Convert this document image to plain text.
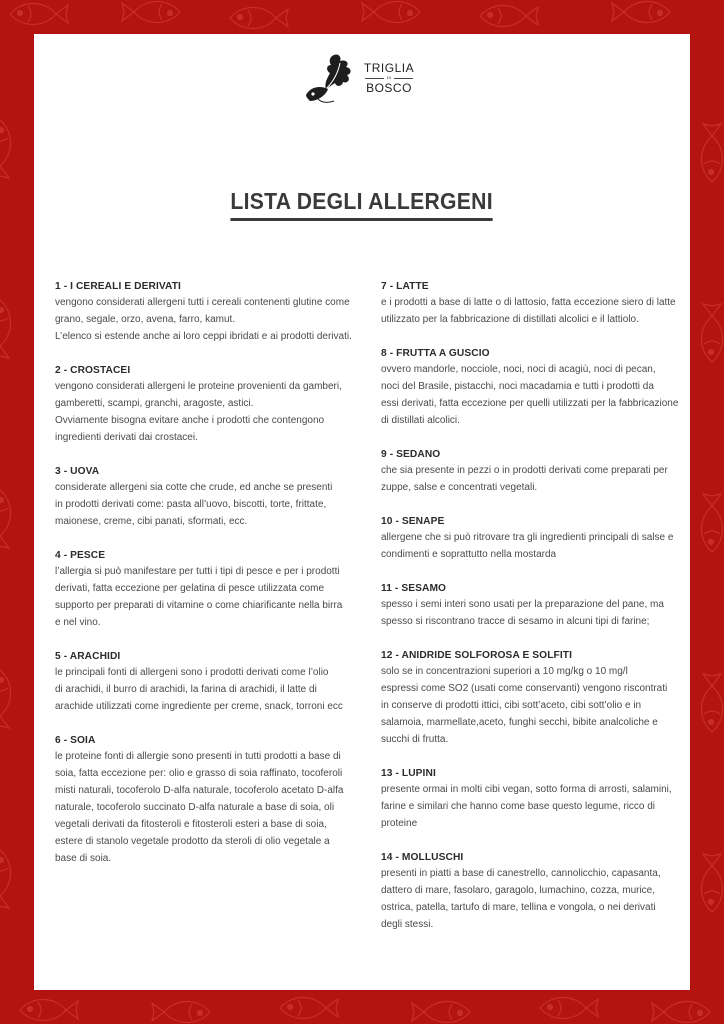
TRIGLIA
DI
BOSCO
LISTA DEGLI ALLERGENI
1 - I CEREALI E DERIVATI

vengono considerati allergeni tutti i cereali contenenti glutine come
grano, segale, orzo, avena, farro, kamut.
L’elenco si estende anche ai loro ceppi ibridati e ai prodotti derivati.

2 - CROSTACEI

vengono considerati allergeni le proteine provenienti da gamberi,
gamberetti, scampi, granchi, aragoste, astici.
Ovviamente bisogna evitare anche i prodotti che contengono
ingredienti derivati dai crostacei.

3 - UOVA

considerate allergeni sia cotte che crude, ed anche se presenti
in prodotti derivati come: pasta all’uovo, biscotti, torte, frittate,
maionese, creme, cibi panati, sformati, ecc.

4 - PESCE

l’allergia si può manifestare per tutti i tipi di pesce e per i prodotti
derivati, fatta eccezione per gelatina di pesce utilizzata come
supporto per preparati di vitamine o come chiarificante nella birra
e nel vino.

5 - ARACHIDI

le principali fonti di allergeni sono i prodotti derivati come l’olio
di arachidi, il burro di arachidi, la farina di arachidi, il latte di
arachide utilizzati come ingrediente per creme, snack, torroni ecc

6 - SOIA

le proteine fonti di allergie sono presenti in tutti prodotti a base di
soia, fatta eccezione per: olio e grasso di soia raffinato, tocoferoli
misti naturali, tocoferolo D-alfa naturale, tocoferolo acetato D-alfa
naturale, tocoferolo succinato D-alfa naturale a base di soia, oli
vegetali derivati da fitosteroli e fitosteroli esteri a base di soia,
estere di stanolo vegetale prodotto da steroli di olio vegetale a
base di soia.

7 - LATTE

e i prodotti a base di latte o di lattosio, fatta eccezione siero di latte
utilizzato per la fabbricazione di distillati alcolici e il lattiolo.

8 - FRUTTA A GUSCIO

ovvero mandorle, nocciole, noci, noci di acagiù, noci di pecan,
noci del Brasile, pistacchi, noci macadamia e tutti i prodotti da
essi derivati, fatta eccezione per quelli utilizzati per la fabbricazione
di distillati alcolici.

9 - SEDANO

che sia presente in pezzi o in prodotti derivati come preparati per
zuppe, salse e concentrati vegetali.

10 - SENAPE

allergene che si può ritrovare tra gli ingredienti principali di salse e
condimenti e soprattutto nella mostarda

11 - SESAMO

spesso i semi interi sono usati per la preparazione del pane, ma
spesso si riscontrano tracce di sesamo in alcuni tipi di farine;

12 - ANIDRIDE SOLFOROSA E SOLFITI

solo se in concentrazioni superiori a 10 mg/kg o 10 mg/l
espressi come SO2 (usati come conservanti) vengono riscontrati
in conserve di prodotti ittici, cibi sott’aceto, cibi sott’olio e in
salamoia, marmellate,aceto, funghi secchi, bibite analcoliche e
succhi di frutta.

13 - LUPINI

presente ormai in molti cibi vegan, sotto forma di arrosti, salamini,
farine e similari che hanno come base questo legume, ricco di proteine

14 - MOLLUSCHI

presenti in piatti a base di canestrello, cannolicchio, capasanta,
dattero di mare, fasolaro, garagolo, lumachino, cozza, murice,
ostrica, patella, tartufo di mare, tellina e vongola, o nei derivati
degli stessi.
